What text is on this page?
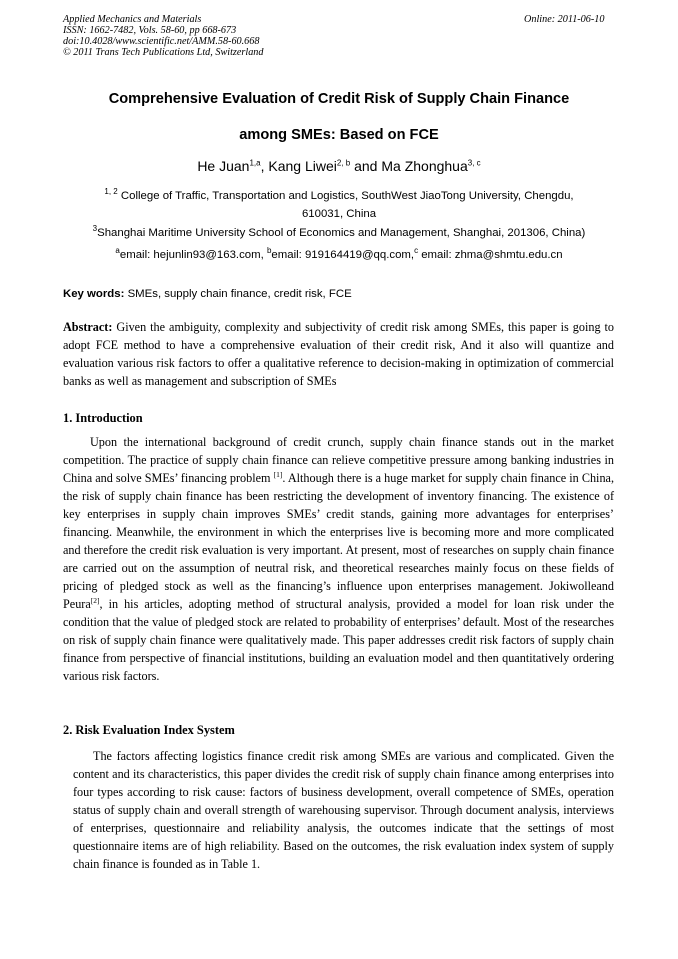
Applied Mechanics and Materials
ISSN: 1662-7482, Vols. 58-60, pp 668-673
doi:10.4028/www.scientific.net/AMM.58-60.668
© 2011 Trans Tech Publications Ltd, Switzerland
Online: 2011-06-10
Comprehensive Evaluation of Credit Risk of Supply Chain Finance
among SMEs: Based on FCE
He Juan$^{1,a}$, Kang Liwei$^{2, b}$ and Ma Zhonghua$^{3, c}$
$^{1, 2}$ College of Traffic, Transportation and Logistics, SouthWest JiaoTong University, Chengdu,
610031, China
$^3$Shanghai Maritime University School of Economics and Management, Shanghai, 201306, China)
$^a$email: hejunlin93@163.com, $^b$email: 919164419@qq.com,$^c$ email: zhma@shmtu.edu.cn
Key words: SMEs, supply chain finance, credit risk, FCE
Abstract: Given the ambiguity, complexity and subjectivity of credit risk among SMEs, this paper is going to adopt FCE method to have a comprehensive evaluation of their credit risk, And it also will quantize and evaluation various risk factors to offer a qualitative reference to decision-making in optimization of commercial banks as well as management and subscription of SMEs
1. Introduction
Upon the international background of credit crunch, supply chain finance stands out in the market competition. The practice of supply chain finance can relieve competitive pressure among banking industries in China and solve SMEs’ financing problem [1]. Although there is a huge market for supply chain finance in China, the risk of supply chain finance has been restricting the development of inventory financing. The existence of key enterprises in supply chain improves SMEs’ credit stands, gaining more advantages for enterprises’ financing. Meanwhile, the environment in which the enterprises live is becoming more and more complicated and therefore the credit risk evaluation is very important. At present, most of researches on supply chain finance are carried out on the assumption of neutral risk, and theoretical researches mainly focus on these fields of pricing of pledged stock as well as the financing’s influence upon enterprises management. Jokiwolleand Peura[2], in his articles, adopting method of structural analysis, provided a model for loan risk under the condition that the value of pledged stock are related to probability of enterprises’ default. Most of the researches on risk of supply chain finance were qualitatively made. This paper addresses credit risk factors of supply chain finance from perspective of financial institutions, building an evaluation model and then quantitatively ordering various risk factors.
2. Risk Evaluation Index System
The factors affecting logistics finance credit risk among SMEs are various and complicated. Given the content and its characteristics, this paper divides the credit risk of supply chain finance among enterprises into four types according to risk cause: factors of business development, overall competence of SMEs, operation status of supply chain and overall strength of warehousing supervisor. Through document analysis, interviews of enterprises, questionnaire and reliability analysis, the outcomes indicate that the settings of most questionnaire items are of high reliability. Based on the outcomes, the risk evaluation index system of supply chain finance is founded as in Table 1.
